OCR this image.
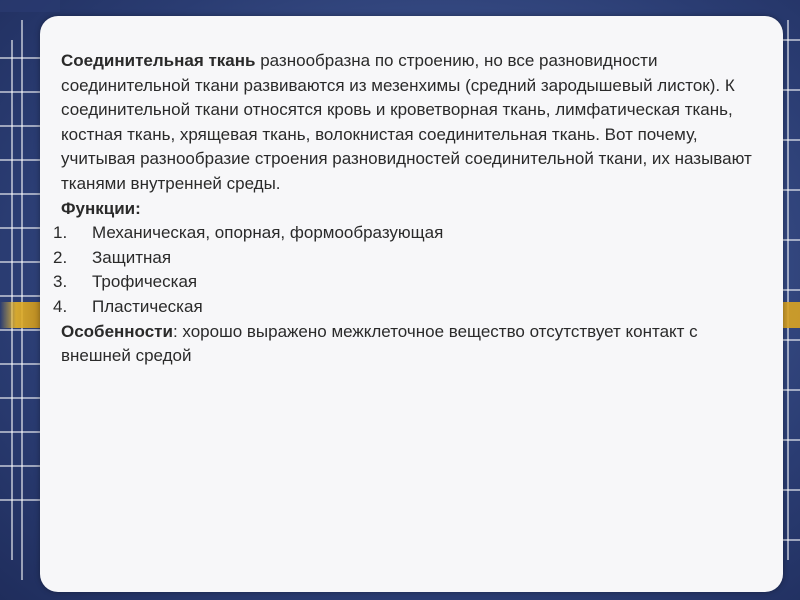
Соединительная ткань разнообразна по строению, но все разновидности соединительной ткани развиваются из мезенхимы (средний зародышевый листок). К соединительной ткани относятся кровь и кроветворная ткань, лимфатическая ткань, костная ткань, хрящевая ткань, волокнистая соединительная ткань. Вот почему, учитывая разнообразие строения разновидностей соединительной ткани, их называют тканями внутренней среды.

Функции:

1. Механическая, опорная, формообразующая
2. Защитная
3. Трофическая
4. Пластическая

Особенности: хорошо выражено межклеточное вещество отсутствует контакт с внешней средой
